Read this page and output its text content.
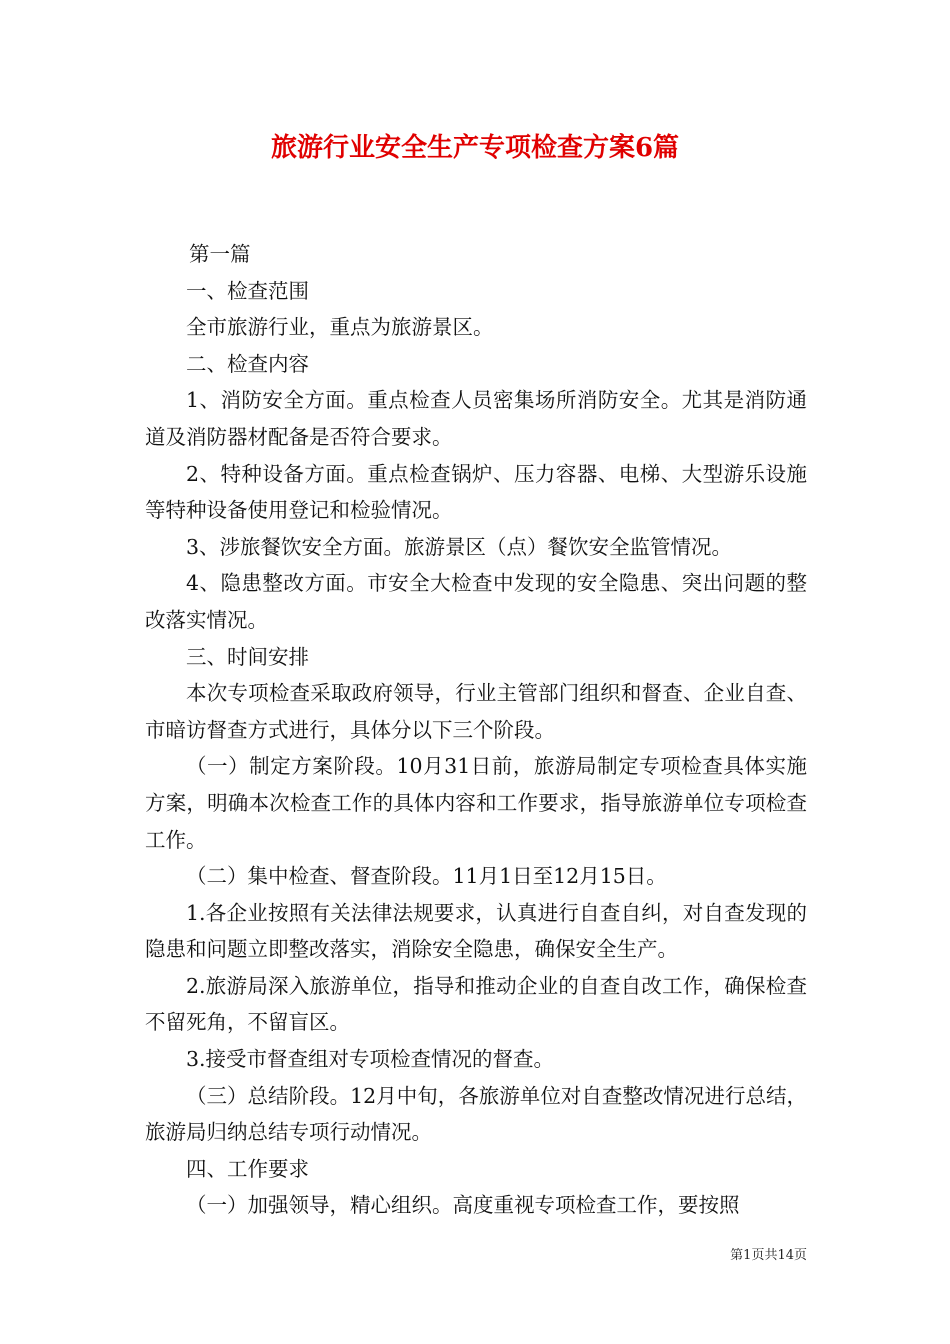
旅游行业安全生产专项检查方案6篇

第一篇

一、检查范围

全市旅游行业，重点为旅游景区。

二、检查内容

1、消防安全方面。重点检查人员密集场所消防安全。尤其是消防通道及消防器材配备是否符合要求。

2、特种设备方面。重点检查锅炉、压力容器、电梯、大型游乐设施等特种设备使用登记和检验情况。

3、涉旅餐饮安全方面。旅游景区（点）餐饮安全监管情况。

4、隐患整改方面。市安全大检查中发现的安全隐患、突出问题的整改落实情况。

三、时间安排

本次专项检查采取政府领导，行业主管部门组织和督查、企业自查、市暗访督查方式进行，具体分以下三个阶段。

（一）制定方案阶段。10月31日前，旅游局制定专项检查具体实施方案，明确本次检查工作的具体内容和工作要求，指导旅游单位专项检查工作。

（二）集中检查、督查阶段。11月1日至12月15日。

1.各企业按照有关法律法规要求，认真进行自查自纠，对自查发现的隐患和问题立即整改落实，消除安全隐患，确保安全生产。

2.旅游局深入旅游单位，指导和推动企业的自查自改工作，确保检查不留死角，不留盲区。

3.接受市督查组对专项检查情况的督查。

（三）总结阶段。12月中旬，各旅游单位对自查整改情况进行总结，旅游局归纳总结专项行动情况。

四、工作要求

（一）加强领导，精心组织。高度重视专项检查工作，要按照

第1页共14页
